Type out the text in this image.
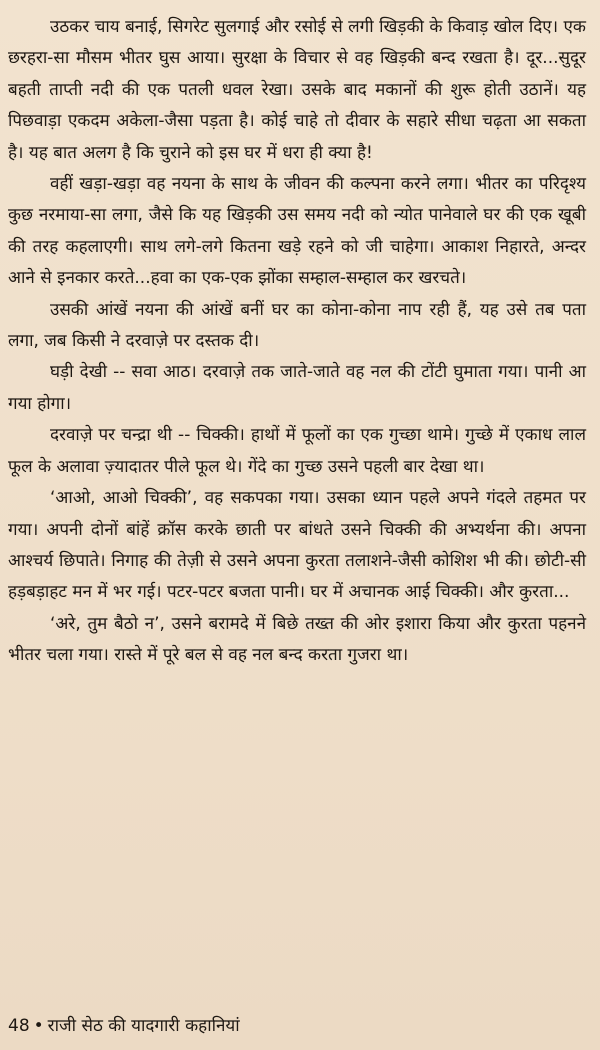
उठकर चाय बनाई, सिगरेट सुलगाई और रसोई से लगी खिड़की के किवाड़ खोल दिए। एक छरहरा-सा मौसम भीतर घुस आया। सुरक्षा के विचार से वह खिड़की बन्द रखता है। दूर...सुदूर बहती ताप्ती नदी की एक पतली धवल रेखा। उसके बाद मकानों की शुरू होती उठानें। यह पिछवाड़ा एकदम अकेला-जैसा पड़ता है। कोई चाहे तो दीवार के सहारे सीधा चढ़ता आ सकता है। यह बात अलग है कि चुराने को इस घर में धरा ही क्या है!

वहीं खड़ा-खड़ा वह नयना के साथ के जीवन की कल्पना करने लगा। भीतर का परिदृश्य कुछ नरमाया-सा लगा, जैसे कि यह खिड़की उस समय नदी को न्योत पानेवाले घर की एक खूबी की तरह कहलाएगी। साथ लगे-लगे कितना खड़े रहने को जी चाहेगा। आकाश निहारते, अन्दर आने से इनकार करते...हवा का एक-एक झोंका सम्हाल-सम्हाल कर खरचते।

उसकी आंखें नयना की आंखें बनीं घर का कोना-कोना नाप रही हैं, यह उसे तब पता लगा, जब किसी ने दरवाज़े पर दस्तक दी।

घड़ी देखी -- सवा आठ। दरवाज़े तक जाते-जाते वह नल की टोंटी घुमाता गया। पानी आ गया होगा।

दरवाज़े पर चन्द्रा थी -- चिक्की। हाथों में फूलों का एक गुच्छा थामे। गुच्छे में एकाध लाल फूल के अलावा ज़्यादातर पीले फूल थे। गेंदे का गुच्छ उसने पहली बार देखा था।

‘आओ, आओ चिक्की’, वह सकपका गया। उसका ध्यान पहले अपने गंदले तहमत पर गया। अपनी दोनों बांहें क्रॉस करके छाती पर बांधते उसने चिक्की की अभ्यर्थना की। अपना आश्चर्य छिपाते। निगाह की तेज़ी से उसने अपना कुरता तलाशने-जैसी कोशिश भी की। छोटी-सी हड़बड़ाहट मन में भर गई। पटर-पटर बजता पानी। घर में अचानक आई चिक्की। और कुरता...

‘अरे, तुम बैठो न’, उसने बरामदे में बिछे तख्त की ओर इशारा किया और कुरता पहनने भीतर चला गया। रास्ते में पूरे बल से वह नल बन्द करता गुजरा था।

48 • राजी सेठ की यादगारी कहानियां
